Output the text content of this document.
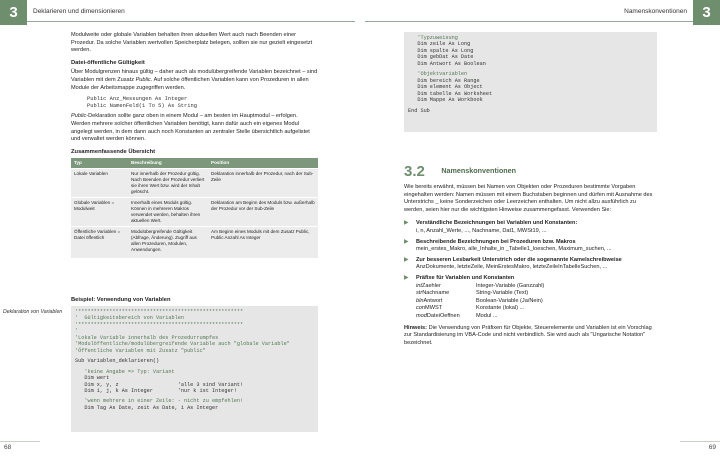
3	Deklarieren und dimensionieren	Namenskonventionen	3

Modulweite oder globale Variablen behalten ihren aktuellen Wert auch nach Beenden einer Prozedur. Da solche Variablen wertvollen Speicherplatz belegen, sollten sie nur gezielt eingesetzt werden.

Datei-öffentliche Gültigkeit

Über Modulgrenzen hinaus gültig – daher auch als modulübergreifende Variablen bezeichnet – sind Variablen mit dem Zusatz Public. Auf solche öffentlichen Variablen kann von Prozeduren in allen Module der Arbeitsmappe zugegriffen werden.

Public Anz_Messungen As Integer
Public NamenFeld(1 To 5) As String

Public-Deklaration sollte ganz oben in einem Modul – am besten im Hauptmodul – erfolgen. Werden mehrere solcher öffentlichen Variablen benötigt, kann dafür auch ein eigenes Modul angelegt werden, in dem dann auch noch Konstanten an zentraler Stelle übersichtlich aufgelistet und verwaltet werden können.

Zusammenfassende Übersicht
Typ	Beschreibung	Position
Lokale Variablen	Nur innerhalb der Prozedur gültig. Nach Beenden der Prozedur verliert sie ihren Wert bzw. wird der Inhalt gelöscht.	Deklaration innerhalb der Prozedur, nach der Sub-Zeile
Globale Variablen = Modulweit	Innerhalb eines Moduls gültig. Können in mehreren Makros verwendet werden, behalten ihren aktuellen Wert.	Deklaration am Beginn des Moduls bzw. außerhalb der Prozedur vor der Sub-Zeile
Öffentliche Variablen = Datei öffentlich	Modulübergreifende Gültigkeit (Abfrage, Änderung). Zugriff aus allen Prozeduren, Modulen, Anwendungen.	Am Beginn eines Moduls mit dem Zusatz Public, Public Anzahl As Integer
Beispiel: Verwendung von Variablen
Deklaration von Variablen '*****************************************************
'  Gültigkeitsbereich von Variablen
'*****************************************************
'
'Lokale Variable innerhalb des Prozedurrumpfes
'Modulöffentliche/modulübergreifende Variable auch "globale Variable"
'Öffentliche Variablen mit Zusatz "public"
Sub Variablen_deklarieren()
'keine Angabe => Typ: Variant
Dim wert
Dim x, y, z                   'alle 3 sind Variant!
Dim i, j, k As Integer        'nur k ist Integer!
'wenn mehrere in einer Zeile: - nicht zu empfehlen!
Dim Tag As Date, zeit As Date, i As Integer
'Typzuweisung
Dim zeile As Long
Dim spalte As Long
Dim gebDat As Date
Dim Antwort As Boolean
'Objektvariablen
Dim bereich As Range
Dim element As Object
Dim tabelle As Worksheet
Dim Mappe As Workbook
End Sub
3.2 Namenskonventionen

Wie bereits erwähnt, müssen bei Namen von Objekten oder Prozeduren bestimmte Vorgaben eingehalten werden: Namen müssen mit einem Buchstaben beginnen und dürfen mit Ausnahme des Unterstrichs _ keine Sonderzeichen oder Leerzeichen enthalten. Um nicht allzu ausführlich zu werden, seien hier nur die wichtigsten Hinweise zusammengefasst. Verwenden Sie:

▶ Verständliche Bezeichnungen bei Variablen und Konstanten:
i, n, Anzahl_Werte, ..., Nachname, Dat1, MWSt19, ...
▶ Beschreibende Bezeichnungen bei Prozeduren bzw. Makros
mein_erstes_Makro, alle_Inhalte_in _Tabelle1_loeschen, Maximum_suchen, ...
▶ Zur besseren Lesbarkeit Unterstrich oder die sogenannte Kamelschreibweise
AnzDokumente, letzteZeile, MeinErstesMakro, letzteZeileInTabelleSuchen, ...
▶ Präfixe für Variablen und Konstanten
intZaehler	Integer-Variable (Ganzzahl)
strNachname	String-Variable (Text)
blnAntwort	Boolean-Variable (Ja/Nein)
conMWST	Konstante (lokal) ...
modDateiOeffnen	Modul ...

Hinweis: Die Verwendung von Präfixen für Objekte, Steuerelemente und Variablen ist ein Vorschlag zur Standardisierung im VBA-Code und nicht verbindlich. Sie wird auch als "Ungarische Notation" bezeichnet.

68	69
